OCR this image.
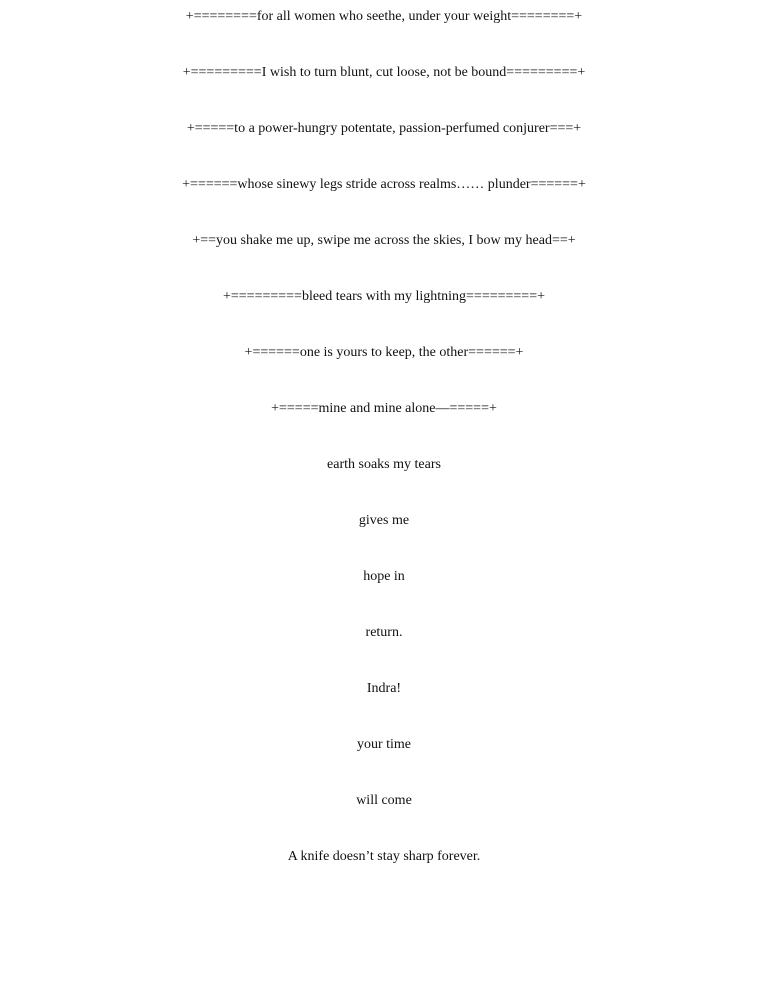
+========for all women who seethe, under your weight========+
+=========I wish to turn blunt, cut loose, not be bound=========+
+=====to a power-hungry potentate, passion-perfumed conjurer===+
+======whose sinewy legs stride across realms…… plunder======+
+==you shake me up, swipe me across the skies, I bow my head==+
+=========bleed tears with my lightning=========+
+======one is yours to keep, the other======+
+=====mine and mine alone—=====+
earth soaks my tears
gives me
hope in
return.
Indra!
your time
will come
A knife doesn’t stay sharp forever.
